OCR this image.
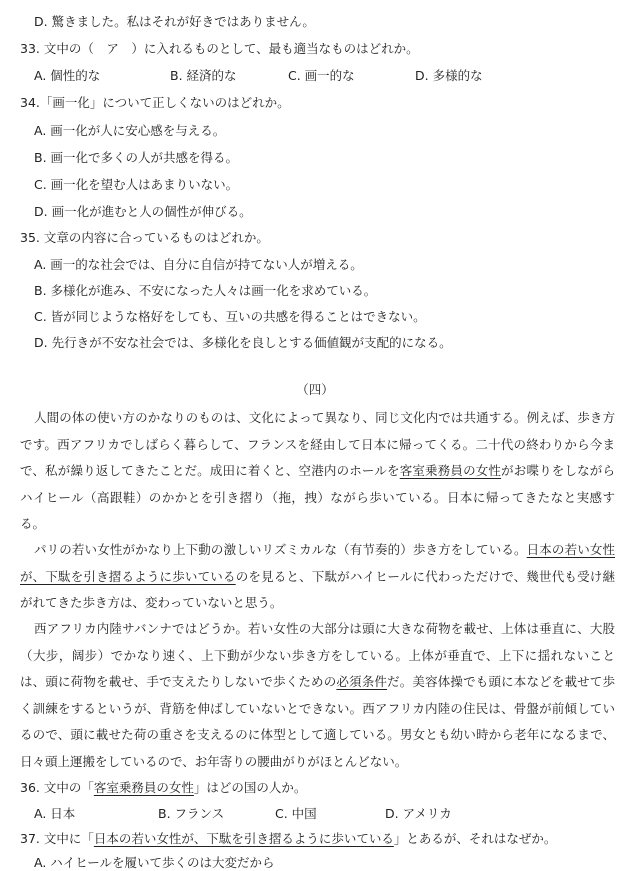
D. 驚きました。私はそれが好きではありません。
33. 文中の（　ア　）に入れるものとして、最も適当なものはどれか。
A. 個性的な	B. 経済的な	C. 画一的な	D. 多様的な
34.「画一化」について正しくないのはどれか。
A. 画一化が人に安心感を与える。
B. 画一化で多くの人が共感を得る。
C. 画一化を望む人はあまりいない。
D. 画一化が進むと人の個性が伸びる。
35. 文章の内容に合っているものはどれか。
A. 画一的な社会では、自分に自信が持てない人が増える。
B. 多様化が進み、不安になった人々は画一化を求めている。
C. 皆が同じような格好をしても、互いの共感を得ることはできない。
D. 先行きが不安な社会では、多様化を良しとする価値観が支配的になる。
（四）
人間の体の使い方のかなりのものは、文化によって異なり、同じ文化内では共通する。例えば、歩き方です。西アフリカでしばらく暮らして、フランスを経由して日本に帰ってくる。二十代の終わりから今まで、私が繰り返してきたことだ。成田に着くと、空港内のホールを客室乗務員の女性がお喋りをしながらハイヒール（高跟鞋）のかかとを引き摺り（拖，拽）ながら歩いている。日本に帰ってきたなと実感する。
パリの若い女性がかなり上下動の激しいリズミカルな（有节奏的）歩き方をしている。日本の若い女性が、下駄を引き摺るように歩いているのを見ると、下駄がハイヒールに代わっただけで、幾世代も受け継がれてきた歩き方は、変わっていないと思う。
西アフリカ内陸サバンナではどうか。若い女性の大部分は頭に大きな荷物を載せ、上体は垂直に、大股（大步，阔步）でかなり速く、上下動が少ない歩き方をしている。上体が垂直で、上下に揺れないことは、頭に荷物を載せ、手で支えたりしないで歩くための必須条件だ。美容体操でも頭に本などを載せて歩く訓練をするというが、背筋を伸ばしていないとできない。西アフリカ内陸の住民は、骨盤が前傾しているので、頭に載せた荷の重さを支えるのに体型として適している。男女とも幼い時から老年になるまで、日々頭上運搬をしているので、お年寄りの腰曲がりがほとんどない。
36. 文中の「客室乗務員の女性」はどの国の人か。
A. 日本	B. フランス	C. 中国	D. アメリカ
37. 文中に「日本の若い女性が、下駄を引き摺るように歩いている」とあるが、それはなぜか。
A. ハイヒールを履いて歩くのは大変だから
